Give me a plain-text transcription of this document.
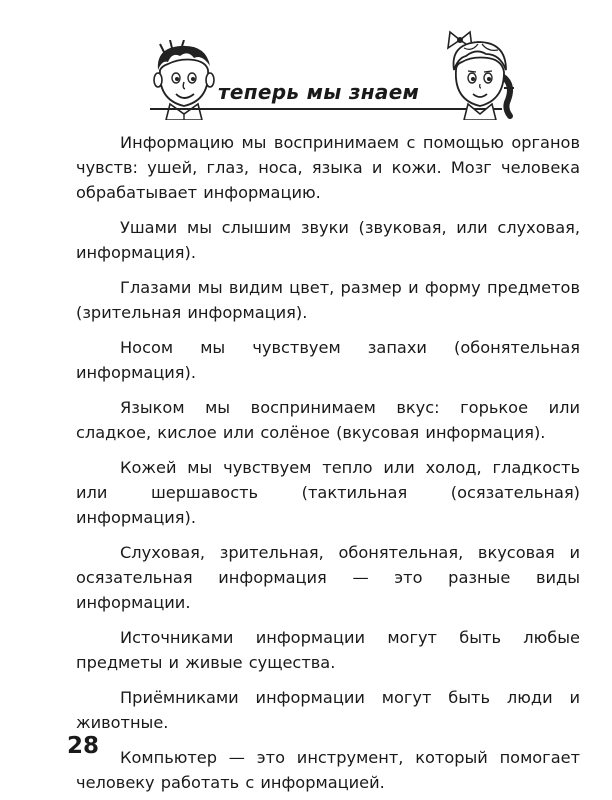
теперь мы знаем

Информацию мы воспринимаем с помощью органов чувств: ушей, глаз, носа, языка и кожи. Мозг человека обрабатывает информацию.

Ушами мы слышим звуки (звуковая, или слуховая, информация).

Глазами мы видим цвет, размер и форму предметов (зрительная информация).

Носом мы чувствуем запахи (обонятельная информация).

Языком мы воспринимаем вкус: горькое или сладкое, кислое или солёное (вкусовая информация).

Кожей мы чувствуем тепло или холод, гладкость или шершавость (тактильная (осязательная) информация).

Слуховая, зрительная, обонятельная, вкусовая и осязательная информация — это разные виды информации.

Источниками информации могут быть любые предметы и живые существа.

Приёмниками информации могут быть люди и животные.

Компьютер — это инструмент, который помогает человеку работать с информацией.

28
